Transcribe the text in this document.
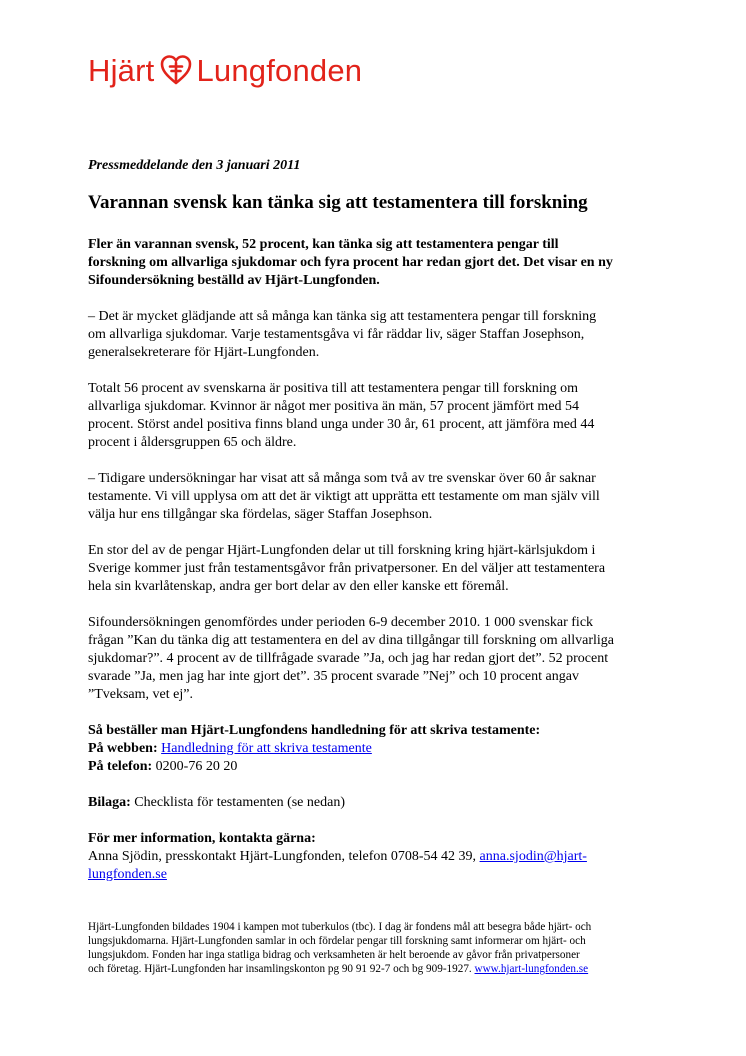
Hjärt Lungfonden
Pressmeddelande den 3 januari 2011
Varannan svensk kan tänka sig att testamentera till forskning

Fler än varannan svensk, 52 procent, kan tänka sig att testamentera pengar till
forskning om allvarliga sjukdomar och fyra procent har redan gjort det. Det visar en ny
Sifoundersökning beställd av Hjärt-Lungfonden.

– Det är mycket glädjande att så många kan tänka sig att testamentera pengar till forskning
om allvarliga sjukdomar. Varje testamentsgåva vi får räddar liv, säger Staffan Josephson,
generalsekreterare för Hjärt-Lungfonden.

Totalt 56 procent av svenskarna är positiva till att testamentera pengar till forskning om
allvarliga sjukdomar. Kvinnor är något mer positiva än män, 57 procent jämfört med 54
procent. Störst andel positiva finns bland unga under 30 år, 61 procent, att jämföra med 44
procent i åldersgruppen 65 och äldre.

– Tidigare undersökningar har visat att så många som två av tre svenskar över 60 år saknar
testamente. Vi vill upplysa om att det är viktigt att upprätta ett testamente om man själv vill
välja hur ens tillgångar ska fördelas, säger Staffan Josephson.

En stor del av de pengar Hjärt-Lungfonden delar ut till forskning kring hjärt-kärlsjukdom i
Sverige kommer just från testamentsgåvor från privatpersoner. En del väljer att testamentera
hela sin kvarlåtenskap, andra ger bort delar av den eller kanske ett föremål.

Sifoundersökningen genomfördes under perioden 6-9 december 2010. 1 000 svenskar fick
frågan ”Kan du tänka dig att testamentera en del av dina tillgångar till forskning om allvarliga
sjukdomar?”. 4 procent av de tillfrågade svarade ”Ja, och jag har redan gjort det”. 52 procent
svarade ”Ja, men jag har inte gjort det”. 35 procent svarade ”Nej” och 10 procent angav
”Tveksam, vet ej”.

Så beställer man Hjärt-Lungfondens handledning för att skriva testamente:
På webben: Handledning för att skriva testamente
På telefon: 0200-76 20 20

Bilaga: Checklista för testamenten (se nedan)

För mer information, kontakta gärna:
Anna Sjödin, presskontakt Hjärt-Lungfonden, telefon 0708-54 42 39, anna.sjodin@hjart-
lungfonden.se

Hjärt-Lungfonden bildades 1904 i kampen mot tuberkulos (tbc). I dag är fondens mål att besegra både hjärt- och
lungsjukdomarna. Hjärt-Lungfonden samlar in och fördelar pengar till forskning samt informerar om hjärt- och
lungsjukdom. Fonden har inga statliga bidrag och verksamheten är helt beroende av gåvor från privatpersoner
och företag. Hjärt-Lungfonden har insamlingskonton pg 90 91 92-7 och bg 909-1927. www.hjart-lungfonden.se
